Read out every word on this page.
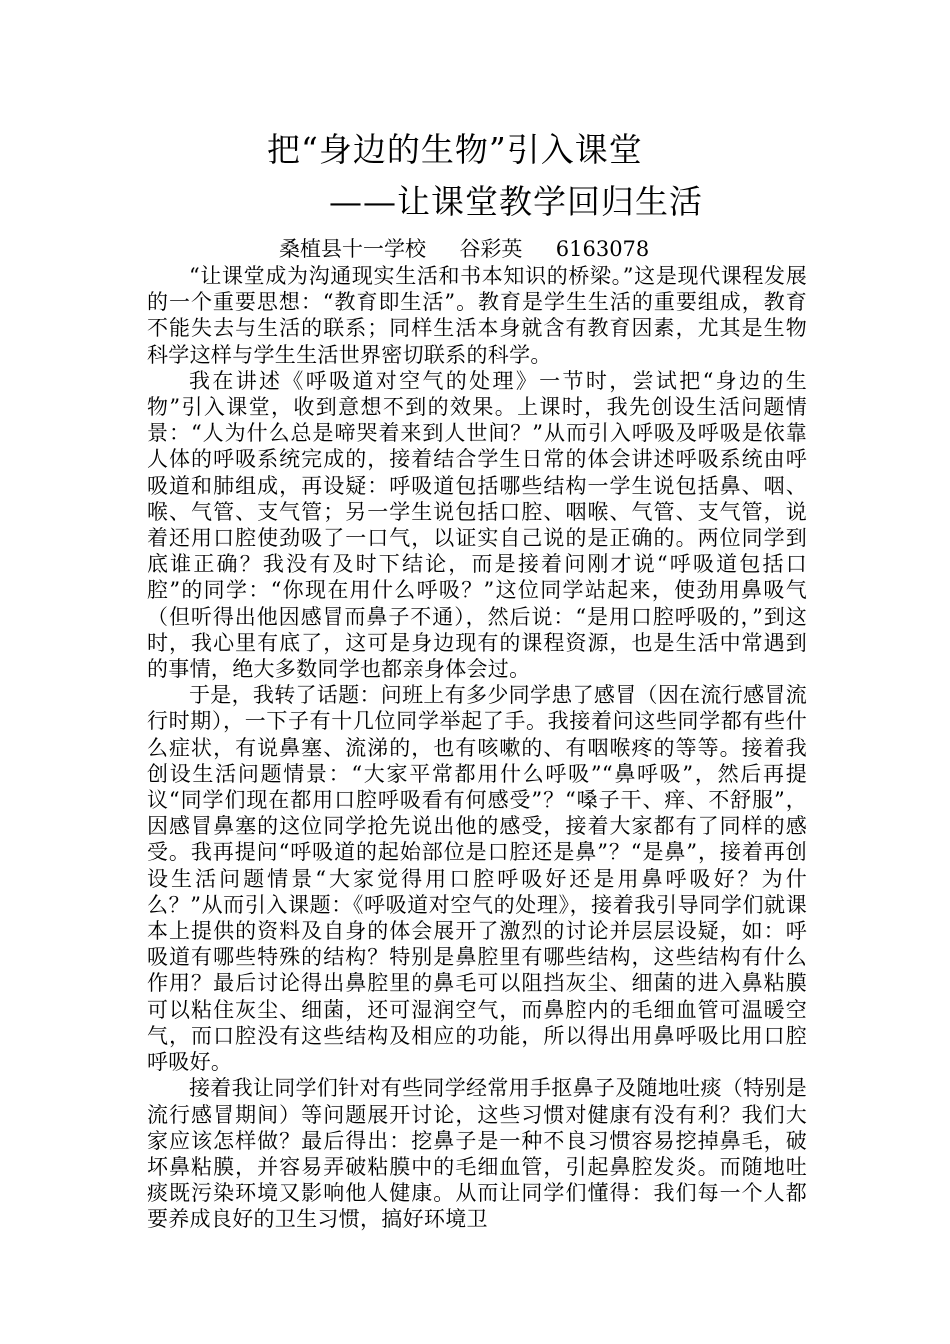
把“身边的生物”引入课堂
——让课堂教学回归生活
桑植县十一学校     谷彩英     6163078

“让课堂成为沟通现实生活和书本知识的桥梁。”这是现代课程发展的一个重要思想：“教育即生活”。教育是学生生活的重要组成，教育不能失去与生活的联系；同样生活本身就含有教育因素，尤其是生物科学这样与学生生活世界密切联系的科学。

我在讲述《呼吸道对空气的处理》一节时，尝试把“身边的生物”引入课堂，收到意想不到的效果。上课时，我先创设生活问题情景：“人为什么总是啼哭着来到人世间？”从而引入呼吸及呼吸是依靠人体的呼吸系统完成的，接着结合学生日常的体会讲述呼吸系统由呼吸道和肺组成，再设疑：呼吸道包括哪些结构一学生说包括鼻、咽、喉、气管、支气管；另一学生说包括口腔、咽喉、气管、支气管，说着还用口腔使劲吸了一口气，以证实自己说的是正确的。两位同学到底谁正确？我没有及时下结论，而是接着问刚才说“呼吸道包括口腔”的同学：“你现在用什么呼吸？”这位同学站起来，使劲用鼻吸气（但听得出他因感冒而鼻子不通），然后说：“是用口腔呼吸的，”到这时，我心里有底了，这可是身边现有的课程资源，也是生活中常遇到的事情，绝大多数同学也都亲身体会过。

于是，我转了话题：问班上有多少同学患了感冒（因在流行感冒流行时期），一下子有十几位同学举起了手。我接着问这些同学都有些什么症状，有说鼻塞、流涕的，也有咳嗽的、有咽喉疼的等等。接着我创设生活问题情景：“大家平常都用什么呼吸”“鼻呼吸”，然后再提议“同学们现在都用口腔呼吸看有何感受”？“嗓子干、痒、不舒服”，因感冒鼻塞的这位同学抢先说出他的感受，接着大家都有了同样的感受。我再提问“呼吸道的起始部位是口腔还是鼻”？“是鼻”，接着再创设生活问题情景“大家觉得用口腔呼吸好还是用鼻呼吸好？为什么？”从而引入课题：《呼吸道对空气的处理》，接着我引导同学们就课本上提供的资料及自身的体会展开了激烈的讨论并层层设疑，如：呼吸道有哪些特殊的结构？特别是鼻腔里有哪些结构，这些结构有什么作用？最后讨论得出鼻腔里的鼻毛可以阻挡灰尘、细菌的进入鼻粘膜可以粘住灰尘、细菌，还可湿润空气，而鼻腔内的毛细血管可温暖空气，而口腔没有这些结构及相应的功能，所以得出用鼻呼吸比用口腔呼吸好。

接着我让同学们针对有些同学经常用手抠鼻子及随地吐痰（特别是流行感冒期间）等问题展开讨论，这些习惯对健康有没有利？我们大家应该怎样做？最后得出：挖鼻子是一种不良习惯容易挖掉鼻毛，破坏鼻粘膜，并容易弄破粘膜中的毛细血管，引起鼻腔发炎。而随地吐痰既污染环境又影响他人健康。从而让同学们懂得：我们每一个人都要养成良好的卫生习惯，搞好环境卫
